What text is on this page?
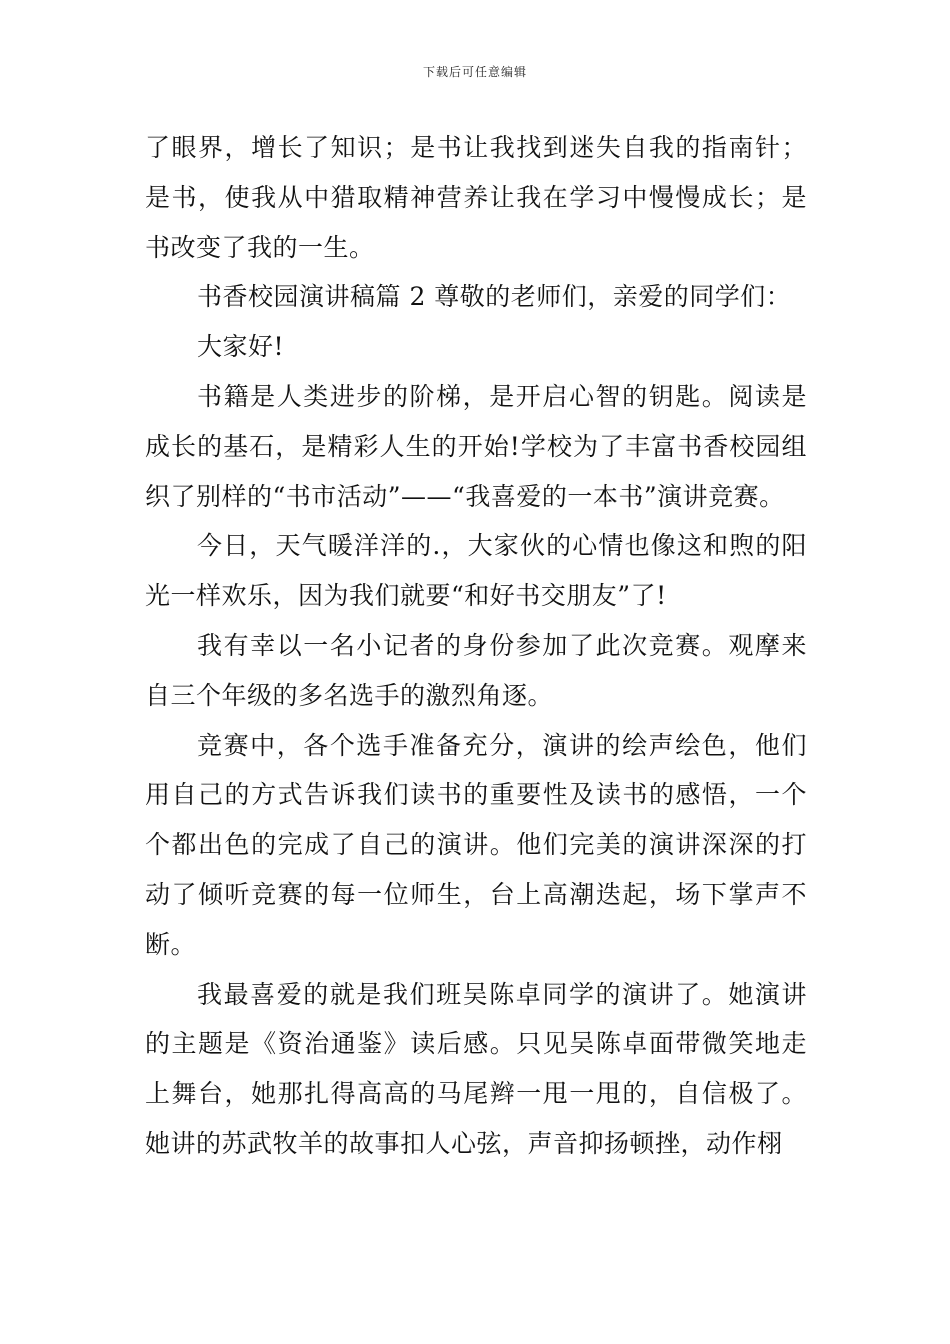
下载后可任意编辑

了眼界，增长了知识；是书让我找到迷失自我的指南针；是书，使我从中猎取精神营养让我在学习中慢慢成长；是书改变了我的一生。

书香校园演讲稿篇 2 尊敬的老师们，亲爱的同学们：

大家好!

书籍是人类进步的阶梯，是开启心智的钥匙。阅读是成长的基石，是精彩人生的开始!学校为了丰富书香校园组织了别样的“书市活动”——“我喜爱的一本书”演讲竞赛。

今日，天气暖洋洋的.，大家伙的心情也像这和煦的阳光一样欢乐，因为我们就要“和好书交朋友”了!

我有幸以一名小记者的身份参加了此次竞赛。观摩来自三个年级的多名选手的激烈角逐。

竞赛中，各个选手准备充分，演讲的绘声绘色，他们用自己的方式告诉我们读书的重要性及读书的感悟，一个个都出色的完成了自己的演讲。他们完美的演讲深深的打动了倾听竞赛的每一位师生，台上高潮迭起，场下掌声不断。

我最喜爱的就是我们班吴陈卓同学的演讲了。她演讲的主题是《资治通鉴》读后感。只见吴陈卓面带微笑地走上舞台，她那扎得高高的马尾辫一甩一甩的，自信极了。她讲的苏武牧羊的故事扣人心弦，声音抑扬顿挫，动作栩
